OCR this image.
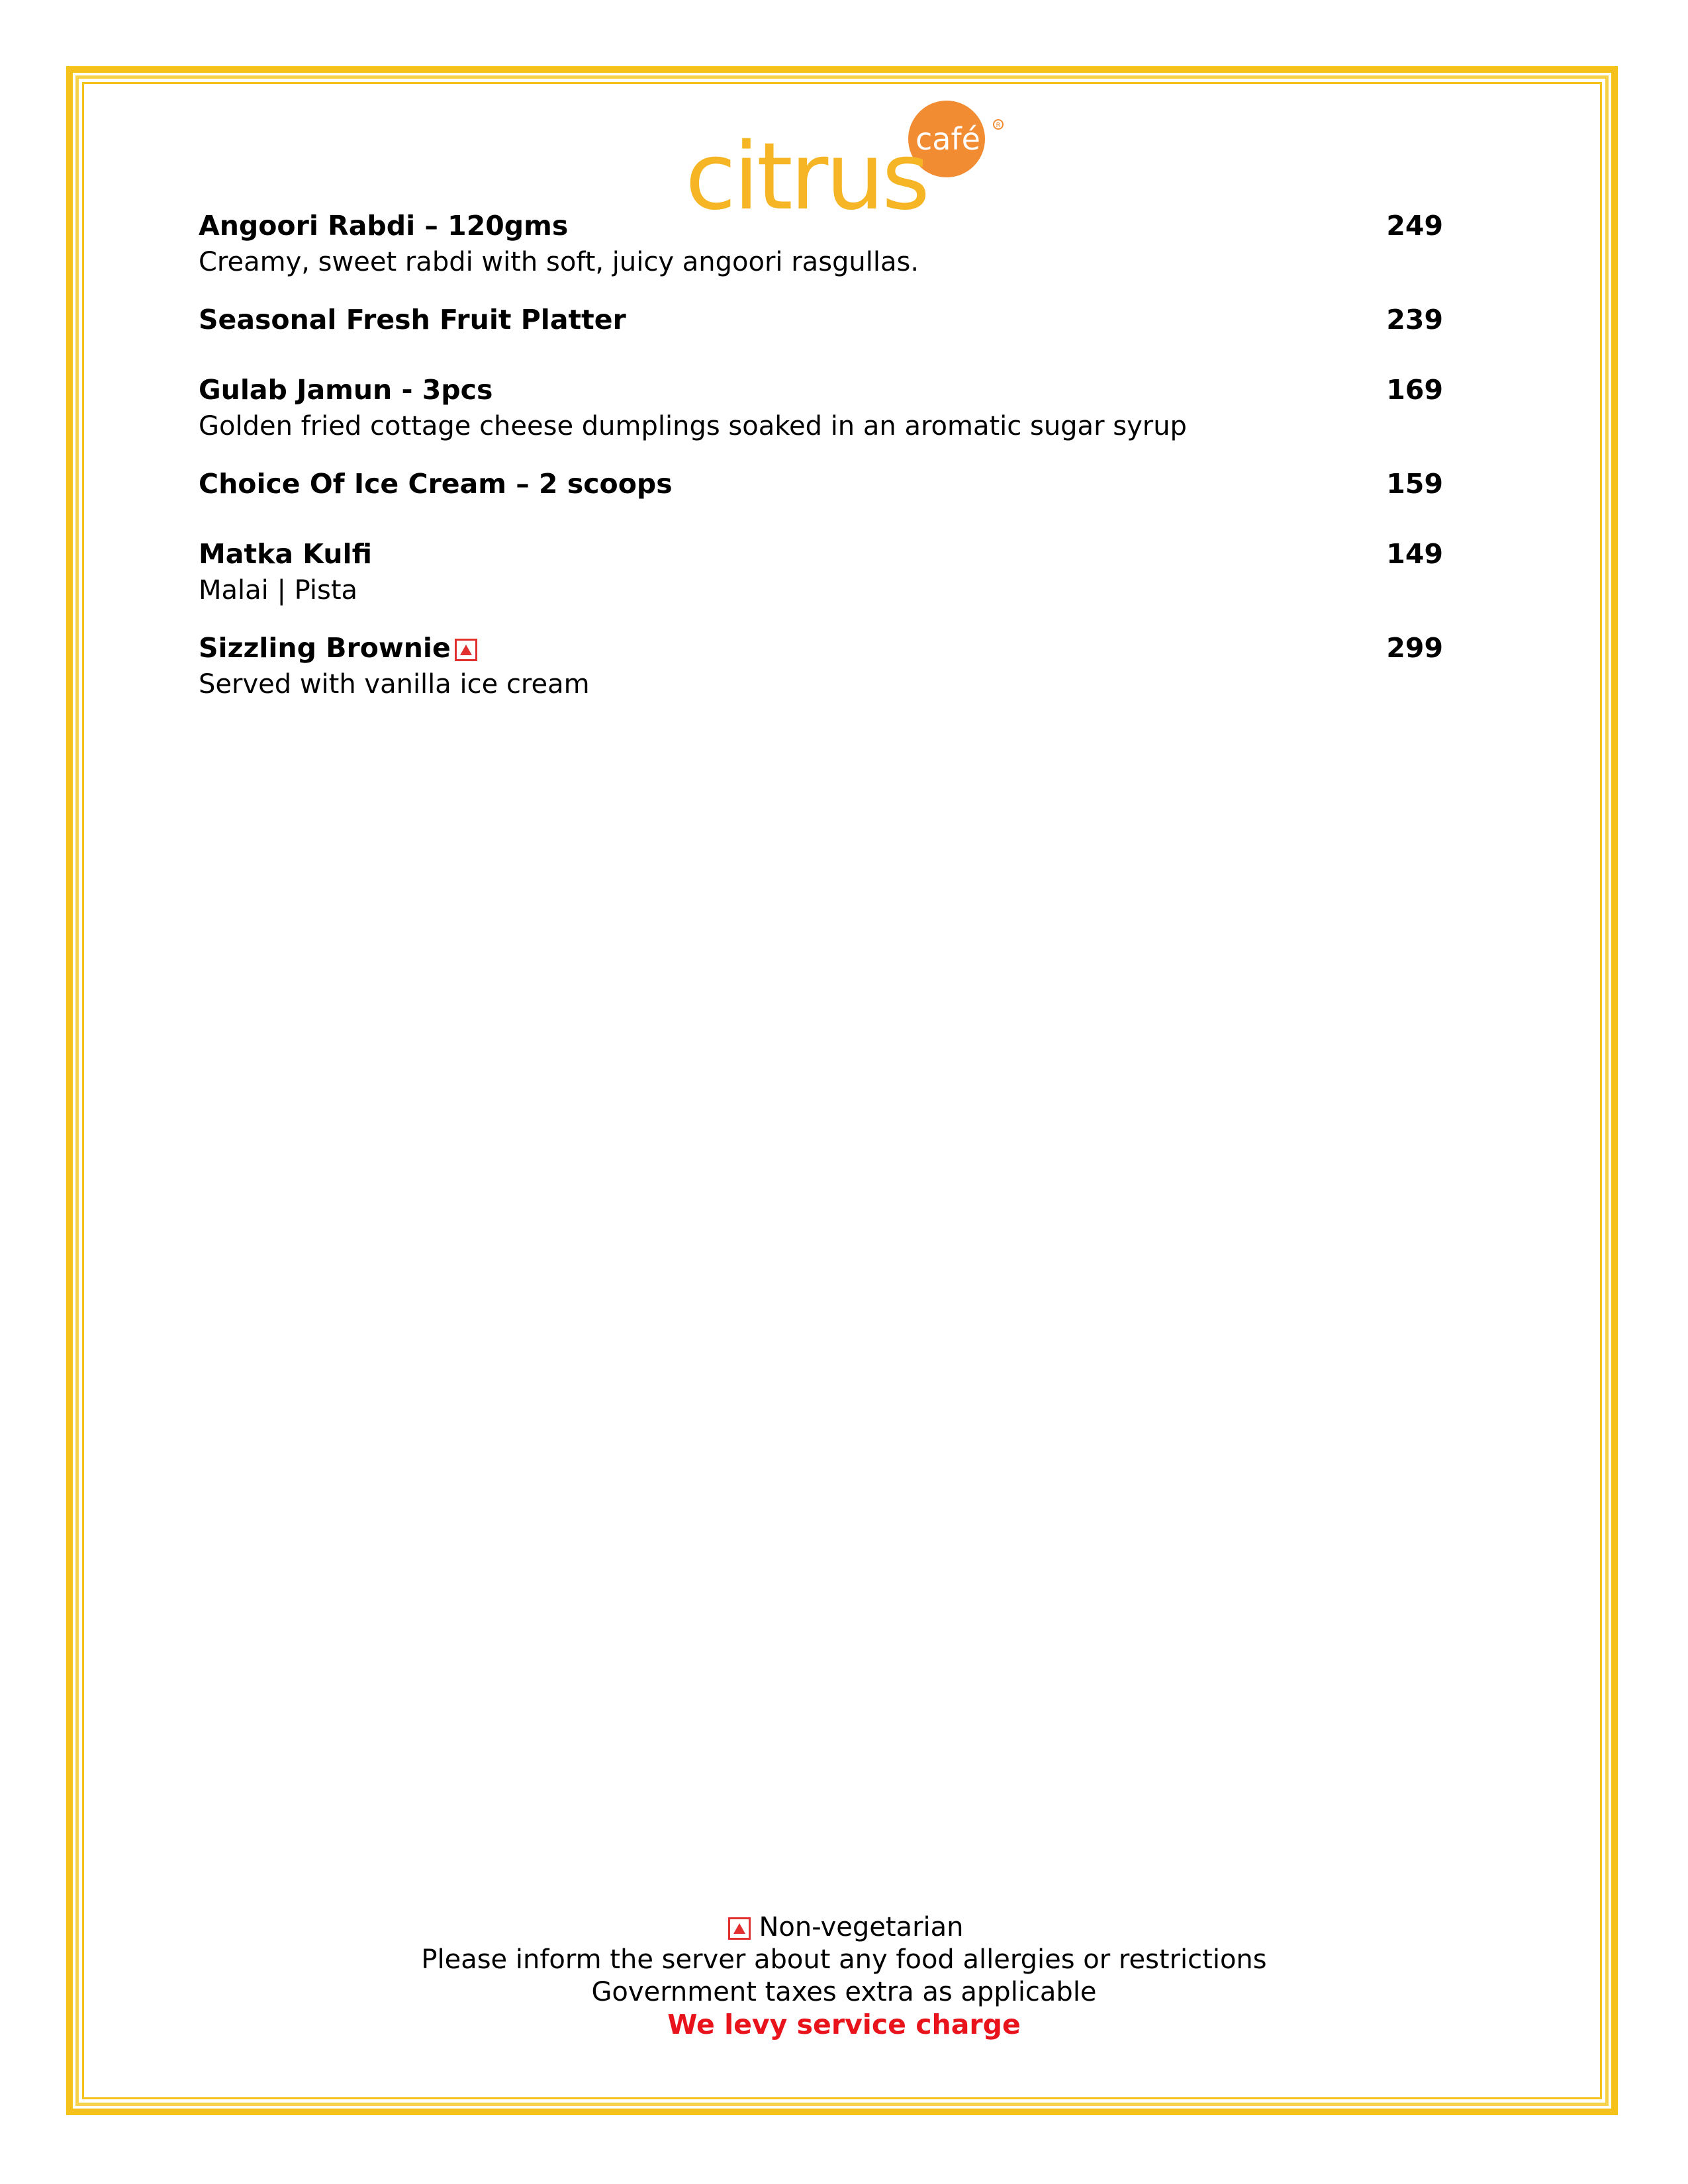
R
café
citrus
Angoori Rabdi – 120gms	249
Creamy, sweet rabdi with soft, juicy angoori rasgullas.
Seasonal Fresh Fruit Platter	239
Gulab Jamun - 3pcs	169
Golden fried cottage cheese dumplings soaked in an aromatic sugar syrup
Choice Of Ice Cream – 2 scoops	159
Matka Kulfi	149
Malai | Pista
Sizzling Brownie	299
Served with vanilla ice cream
Non-vegetarian
Please inform the server about any food allergies or restrictions
Government taxes extra as applicable
We levy service charge
